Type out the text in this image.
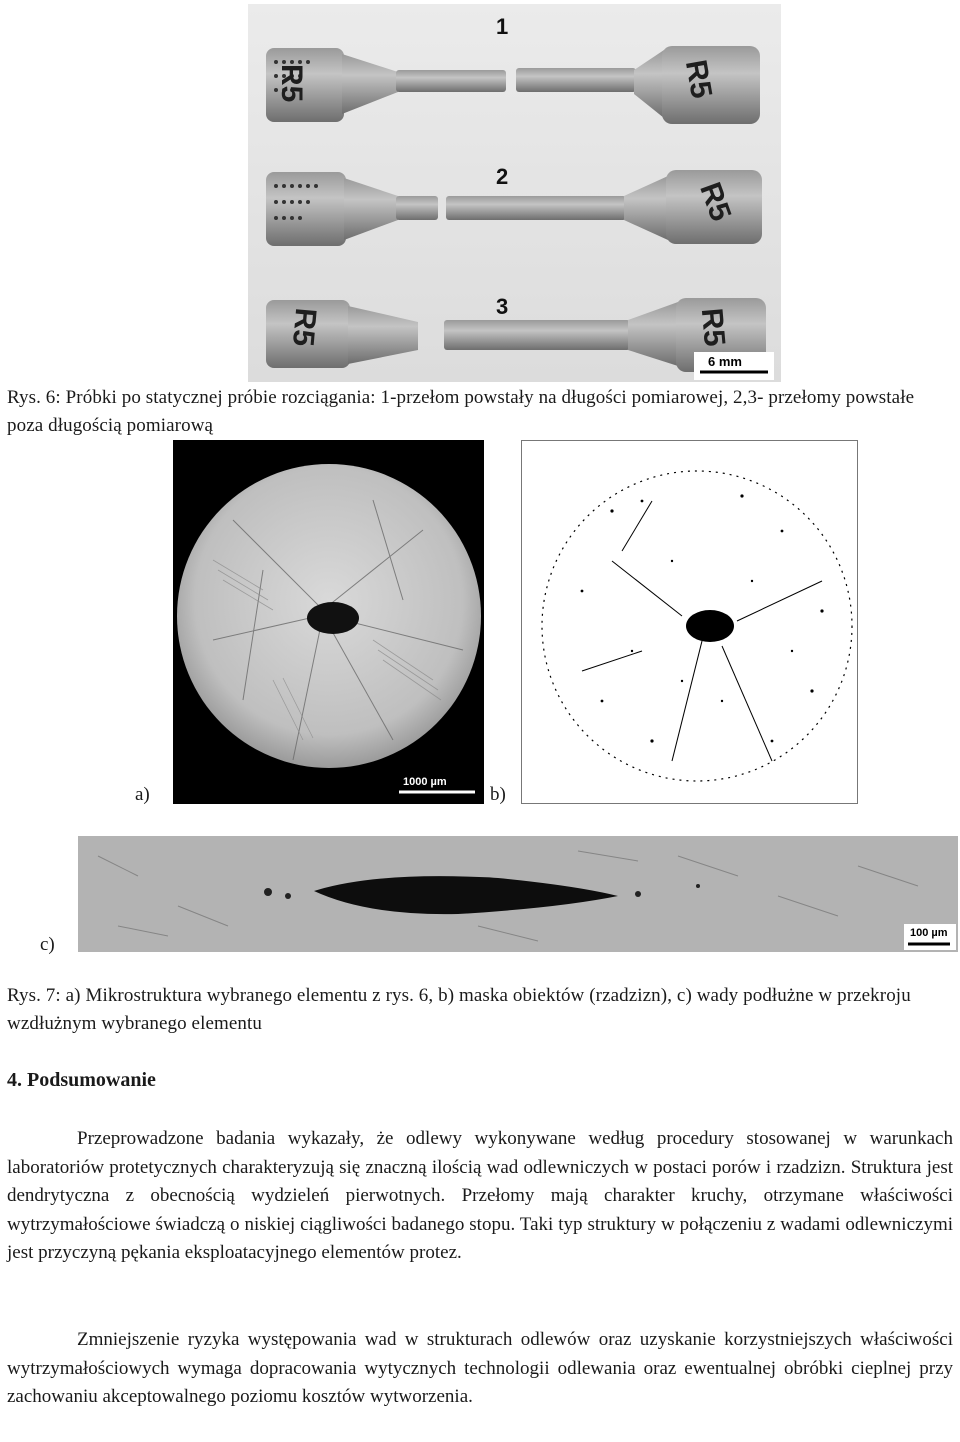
R5	R5
R5
R5	R5
1
2
3
6 mm
Rys. 6: Próbki po statycznej próbie rozciągania: 1-przełom powstały na długości pomiarowej, 2,3- przełomy powstałe poza długością pomiarową
1000 µm
a)	b)
100 µm
c)
Rys. 7: a) Mikrostruktura wybranego elementu z rys. 6, b) maska obiektów (rzadzizn), c) wady podłużne w przekroju wzdłużnym wybranego elementu
4. Podsumowanie
Przeprowadzone badania wykazały, że odlewy wykonywane według procedury stosowanej w warunkach laboratoriów protetycznych charakteryzują się znaczną ilością wad odlewniczych w postaci porów i rzadzizn. Struktura jest dendrytyczna z obecnością wydzieleń pierwotnych. Przełomy mają charakter kruchy, otrzymane właściwości wytrzymałościowe świadczą o niskiej ciągliwości badanego stopu. Taki typ struktury w połączeniu z wadami odlewniczymi jest przyczyną pękania eksploatacyjnego elementów protez.
Zmniejszenie ryzyka występowania wad w strukturach odlewów oraz uzyskanie korzystniejszych właściwości wytrzymałościowych wymaga dopracowania wytycznych technologii odlewania oraz ewentualnej obróbki cieplnej przy zachowaniu akceptowalnego poziomu kosztów wytworzenia.
